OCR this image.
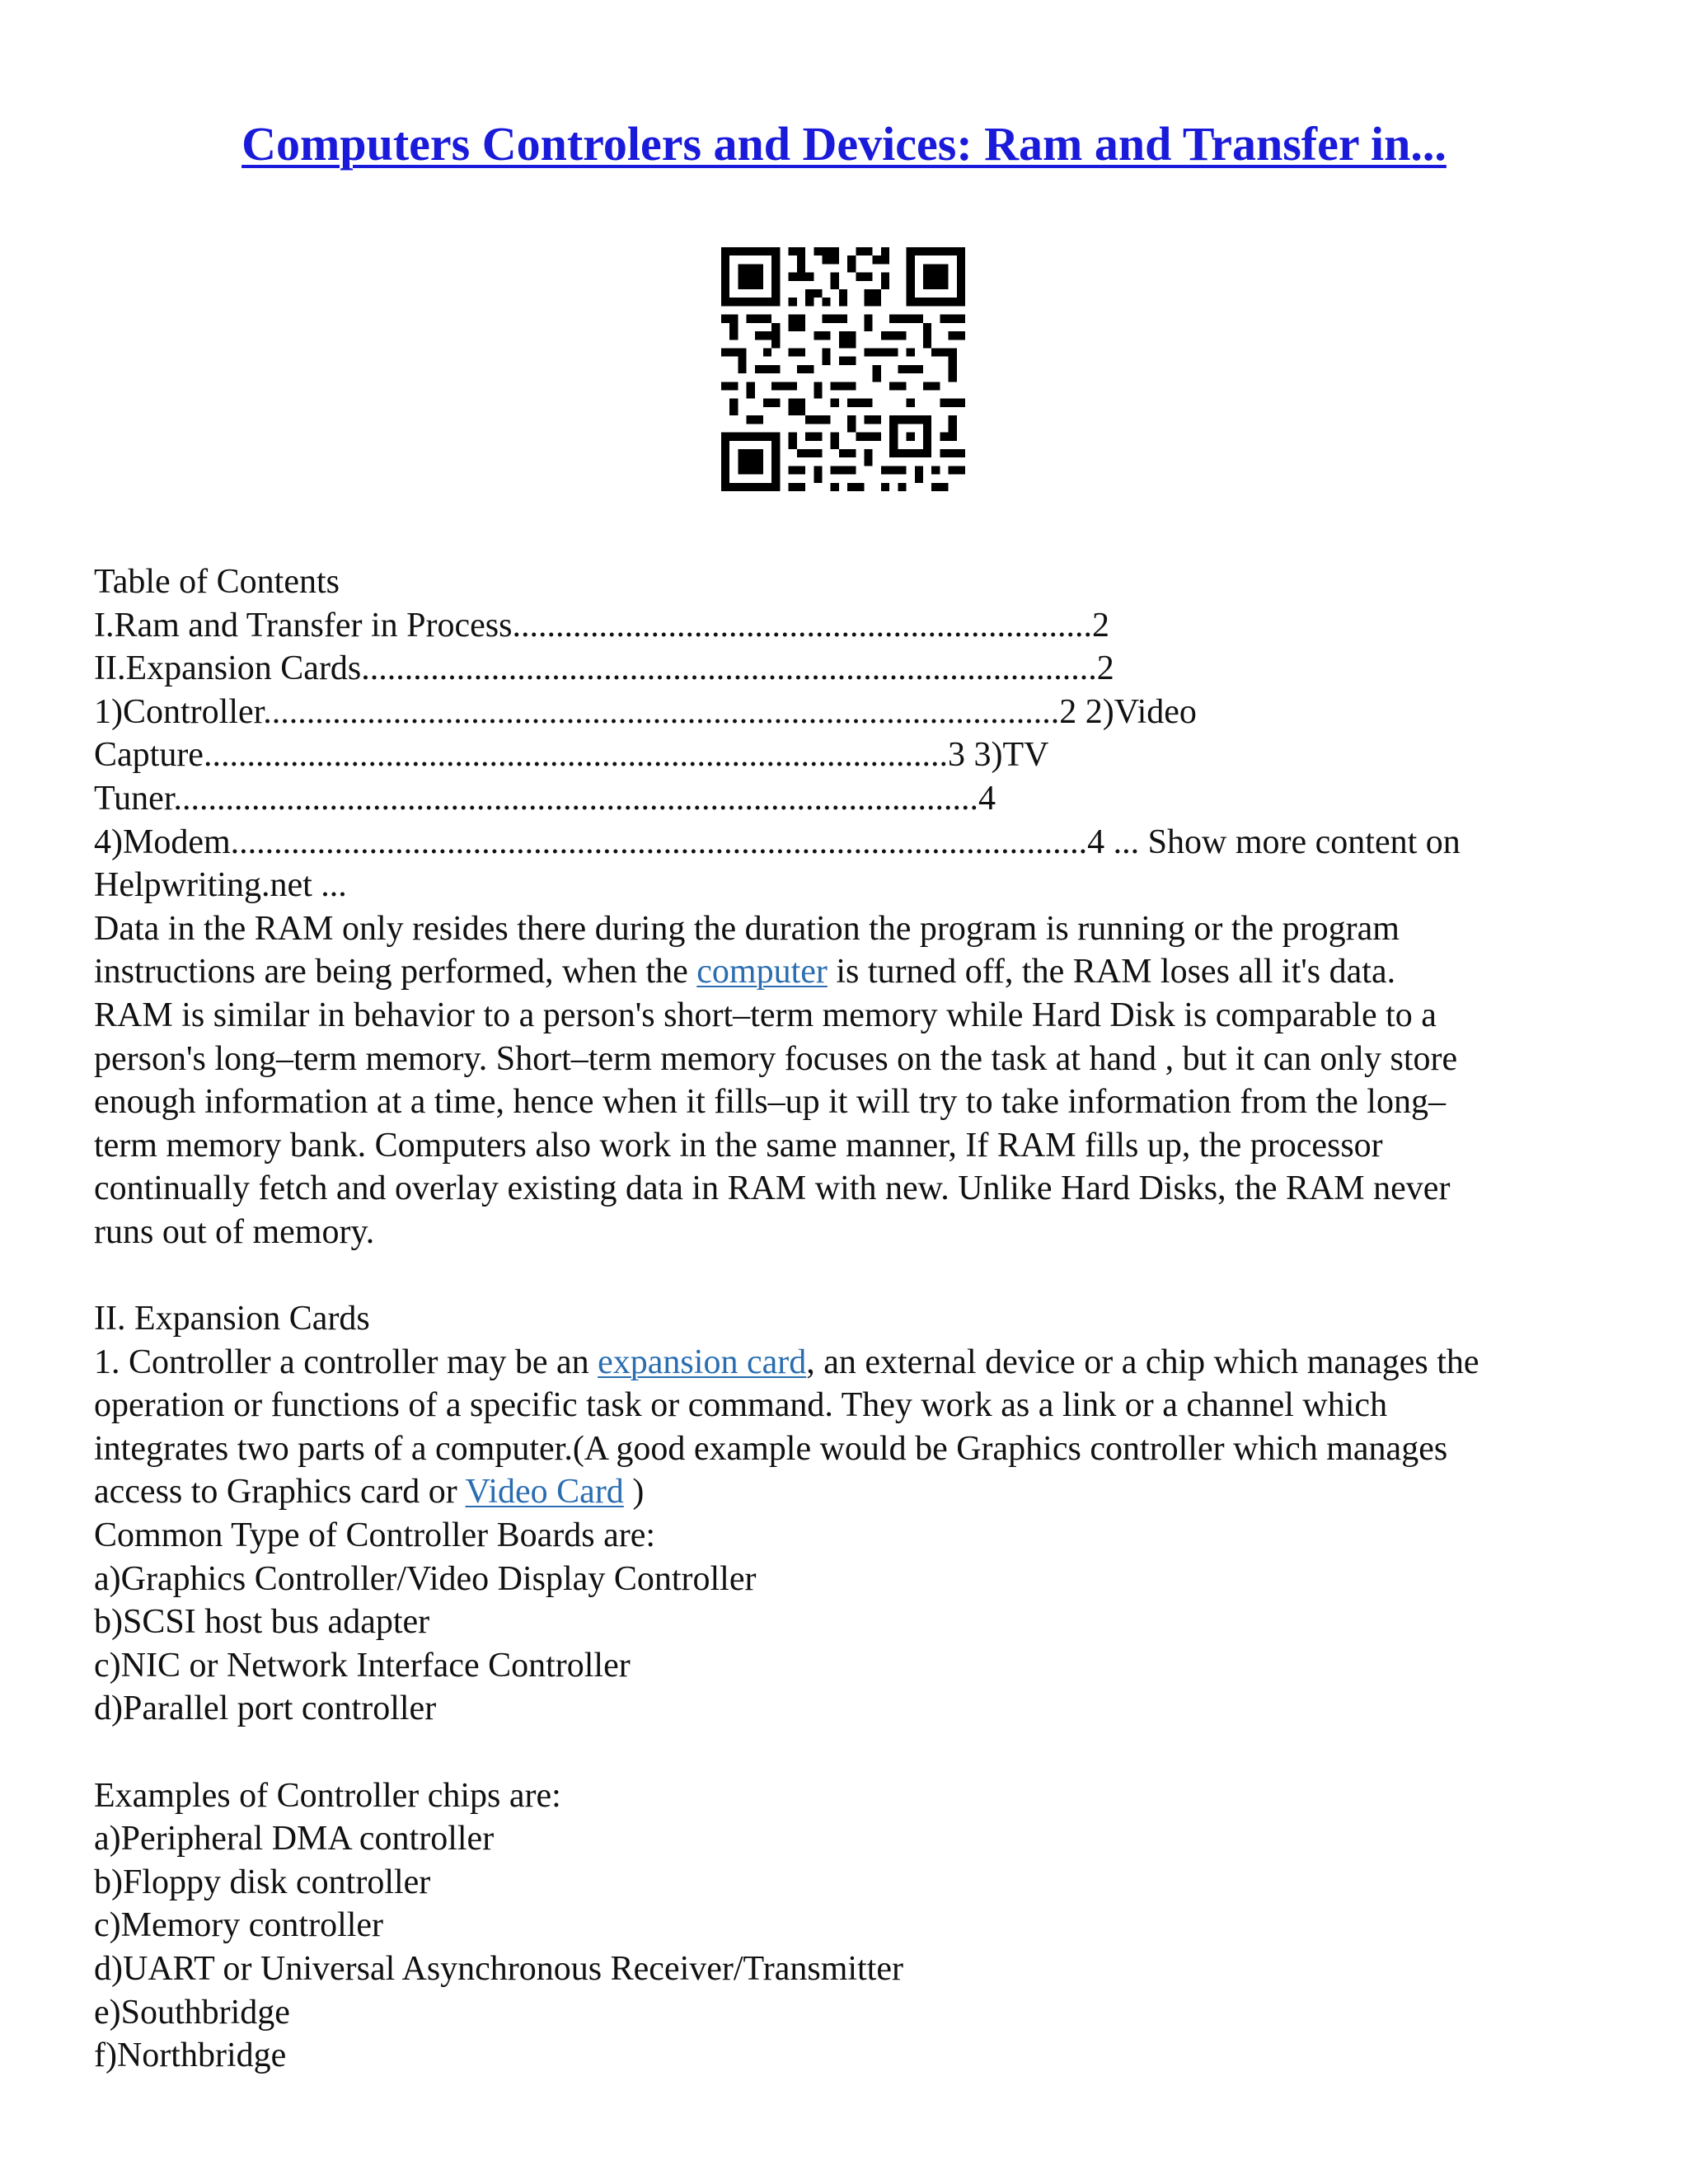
Computers Controlers and Devices: Ram and Transfer in...
Table of Contents
I.Ram and Transfer in Process...................................................................2
II.Expansion Cards.....................................................................................2
1)Controller............................................................................................2 2)Video
Capture......................................................................................3 3)TV
Tuner.............................................................................................4
4)Modem...................................................................................................4 ... Show more content on
Helpwriting.net ...
Data in the RAM only resides there during the duration the program is running or the program
instructions are being performed, when the computer is turned off, the RAM loses all it's data.
RAM is similar in behavior to a person's short–term memory while Hard Disk is comparable to a
person's long–term memory. Short–term memory focuses on the task at hand , but it can only store
enough information at a time, hence when it fills–up it will try to take information from the long–
term memory bank. Computers also work in the same manner, If RAM fills up, the processor
continually fetch and overlay existing data in RAM with new. Unlike Hard Disks, the RAM never
runs out of memory.
II. Expansion Cards
1. Controller a controller may be an expansion card, an external device or a chip which manages the
operation or functions of a specific task or command. They work as a link or a channel which
integrates two parts of a computer.(A good example would be Graphics controller which manages
access to Graphics card or Video Card )
Common Type of Controller Boards are:
a)Graphics Controller/Video Display Controller
b)SCSI host bus adapter
c)NIC or Network Interface Controller
d)Parallel port controller
Examples of Controller chips are:
a)Peripheral DMA controller
b)Floppy disk controller
c)Memory controller
d)UART or Universal Asynchronous Receiver/Transmitter
e)Southbridge
f)Northbridge
